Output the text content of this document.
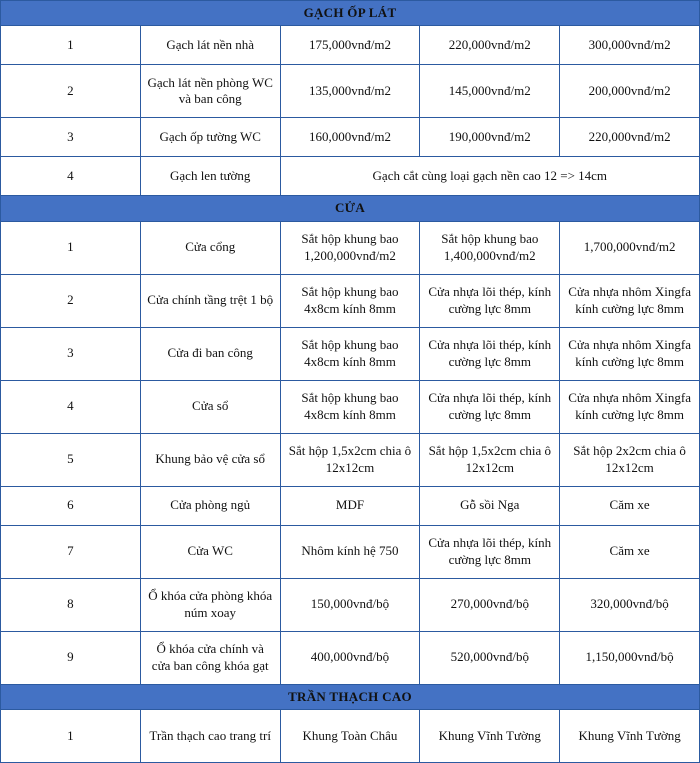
GẠCH ỐP LÁT				
1	Gạch lát nền nhà	175,000vnđ/m2	220,000vnđ/m2	300,000vnđ/m2
2	Gạch lát nền phòng WC và ban công	135,000vnđ/m2	145,000vnđ/m2	200,000vnđ/m2
3	Gạch ốp tường WC	160,000vnđ/m2	190,000vnđ/m2	220,000vnđ/m2
4	Gạch len tường	Gạch cắt cùng loại gạch nền cao 12 => 14cm		
CỬA				
1	Cửa cổng	Sắt hộp khung bao 1,200,000vnđ/m2	Sắt hộp khung bao 1,400,000vnđ/m2	1,700,000vnđ/m2
2	Cửa chính tầng trệt 1 bộ	Sắt hộp khung bao 4x8cm kính 8mm	Cửa nhựa lõi thép, kính cường lực 8mm	Cửa nhựa nhôm Xingfa kính cường lực 8mm
3	Cửa đi ban công	Sắt hộp khung bao 4x8cm kính 8mm	Cửa nhựa lõi thép, kính cường lực 8mm	Cửa nhựa nhôm Xingfa kính cường lực 8mm
4	Cửa sổ	Sắt hộp khung bao 4x8cm kính 8mm	Cửa nhựa lõi thép, kính cường lực 8mm	Cửa nhựa nhôm Xingfa kính cường lực 8mm
5	Khung bảo vệ cửa sổ	Sắt hộp 1,5x2cm chia ô 12x12cm	Sắt hộp 1,5x2cm chia ô 12x12cm	Sắt hộp 2x2cm chia ô 12x12cm
6	Cửa phòng ngủ	MDF	Gỗ sồi Nga	Căm xe
7	Cửa WC	Nhôm kính hệ 750	Cửa nhựa lõi thép, kính cường lực 8mm	Căm xe
8	Ổ khóa cửa phòng khóa núm xoay	150,000vnđ/bộ	270,000vnđ/bộ	320,000vnđ/bộ
9	Ổ khóa cửa chính và cửa ban công khóa gạt	400,000vnđ/bộ	520,000vnđ/bộ	1,150,000vnđ/bộ
TRẦN THẠCH CAO				
1	Trần thạch cao trang trí	Khung Toàn Châu	Khung Vĩnh Tường	Khung Vĩnh Tường
